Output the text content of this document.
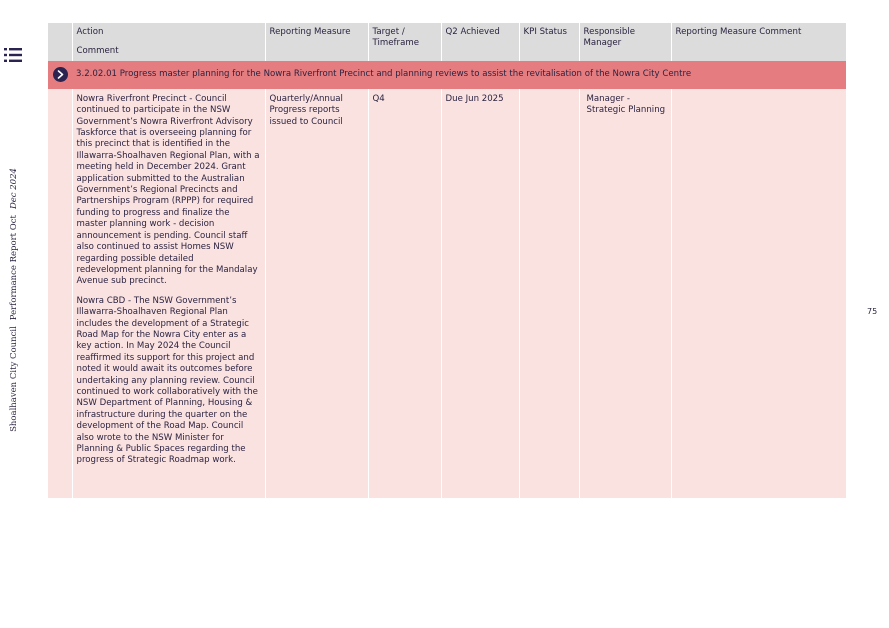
Shoalhaven City CouncilPerformance Report OctDec 2024
75
	Action
Comment	Reporting Measure	Target / Timeframe	Q2 Achieved	KPI Status	Responsible Manager	Reporting Measure Comment

	3.2.02.01 Progress master planning for the Nowra Riverfront Precinct and planning reviews to assist the revitalisation of the Nowra City Centre						

	Nowra Riverfront Precinct - Council continued to participate in the NSW Government’s Nowra Riverfront Advisory Taskforce that is overseeing planning for this precinct that is identified in the Illawarra-Shoalhaven Regional Plan, with a meeting held in December 2024. Grant application submitted to the Australian Government’s Regional Precincts and Partnerships Program (RPPP) for required funding to progress and finalize the master planning work - decision announcement is pending. Council staff also continued to assist Homes NSW regarding possible detailed redevelopment planning for the Mandalay Avenue sub precinct.

Nowra CBD - The NSW Government’s Illawarra-Shoalhaven Regional Plan includes the development of a Strategic Road Map for the Nowra City enter as a key action. In May 2024 the Council reaffirmed its support for this project and noted it would await its outcomes before undertaking any planning review. Council continued to work collaboratively with the NSW Department of Planning, Housing & infrastructure during the quarter on the development of the Road Map. Council also wrote to the NSW Minister for Planning & Public Spaces regarding the progress of Strategic Roadmap work.	Quarterly/Annual Progress reports issued to Council	Q4	Due Jun 2025		Manager - Strategic Planning	
